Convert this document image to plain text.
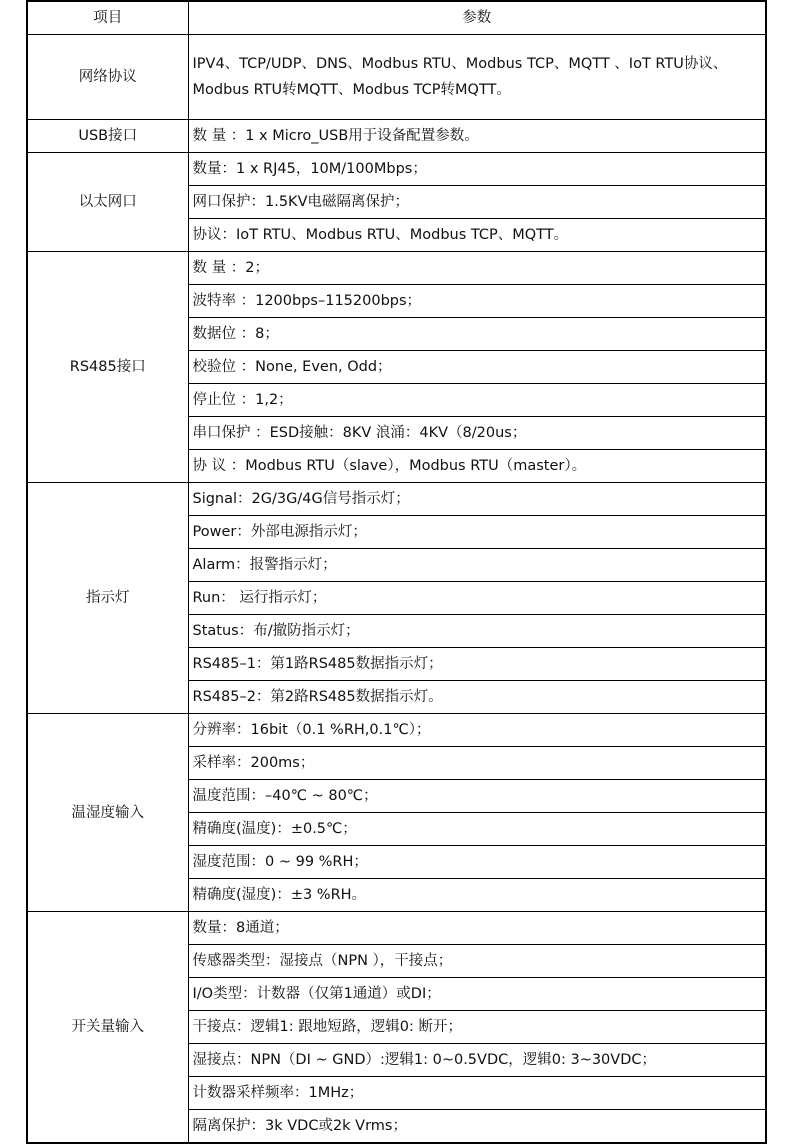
项目	参数
网络协议	IPV4、TCP/UDP、DNS、Modbus RTU、Modbus TCP、MQTT 、IoT RTU协议、Modbus RTU转MQTT、Modbus TCP转MQTT。
USB接口	数 量 ：1 x Micro_USB用于设备配置参数。
以太网口	数量：1 x RJ45，10M/100Mbps；
	网口保护：1.5KV电磁隔离保护；
	协议：IoT RTU、Modbus RTU、Modbus TCP、MQTT。
RS485接口	数 量 ：2；
	波特率 ：1200bps–115200bps；
	数据位 ：8；
	校验位 ：None, Even, Odd；
	停止位 ：1,2；
	串口保护 ：ESD接触：8KV 浪涌：4KV（8/20us；
	协 议 ：Modbus RTU（slave），Modbus RTU（master）。
指示灯	Signal：2G/3G/4G信号指示灯；
	Power：外部电源指示灯；
	Alarm：报警指示灯；
	Run： 运行指示灯；
	Status：布/撤防指示灯；
	RS485–1：第1路RS485数据指示灯；
	RS485–2：第2路RS485数据指示灯。
温湿度输入	分辨率：16bit（0.1 %RH,0.1℃）；
	采样率：200ms；
	温度范围：–40℃ ~ 80℃；
	精确度(温度)：±0.5℃；
	湿度范围：0 ~ 99 %RH；
	精确度(湿度)：±3 %RH。
开关量输入	数量：8通道；
	传感器类型：湿接点（NPN ），干接点；
	I/O类型：计数器（仅第1通道）或DI；
	干接点：逻辑1: 跟地短路，逻辑0: 断开；
	湿接点：NPN（DI ~ GND）:逻辑1: 0~0.5VDC，逻辑0: 3~30VDC；
	计数器采样频率：1MHz；
	隔离保护：3k VDC或2k Vrms；
